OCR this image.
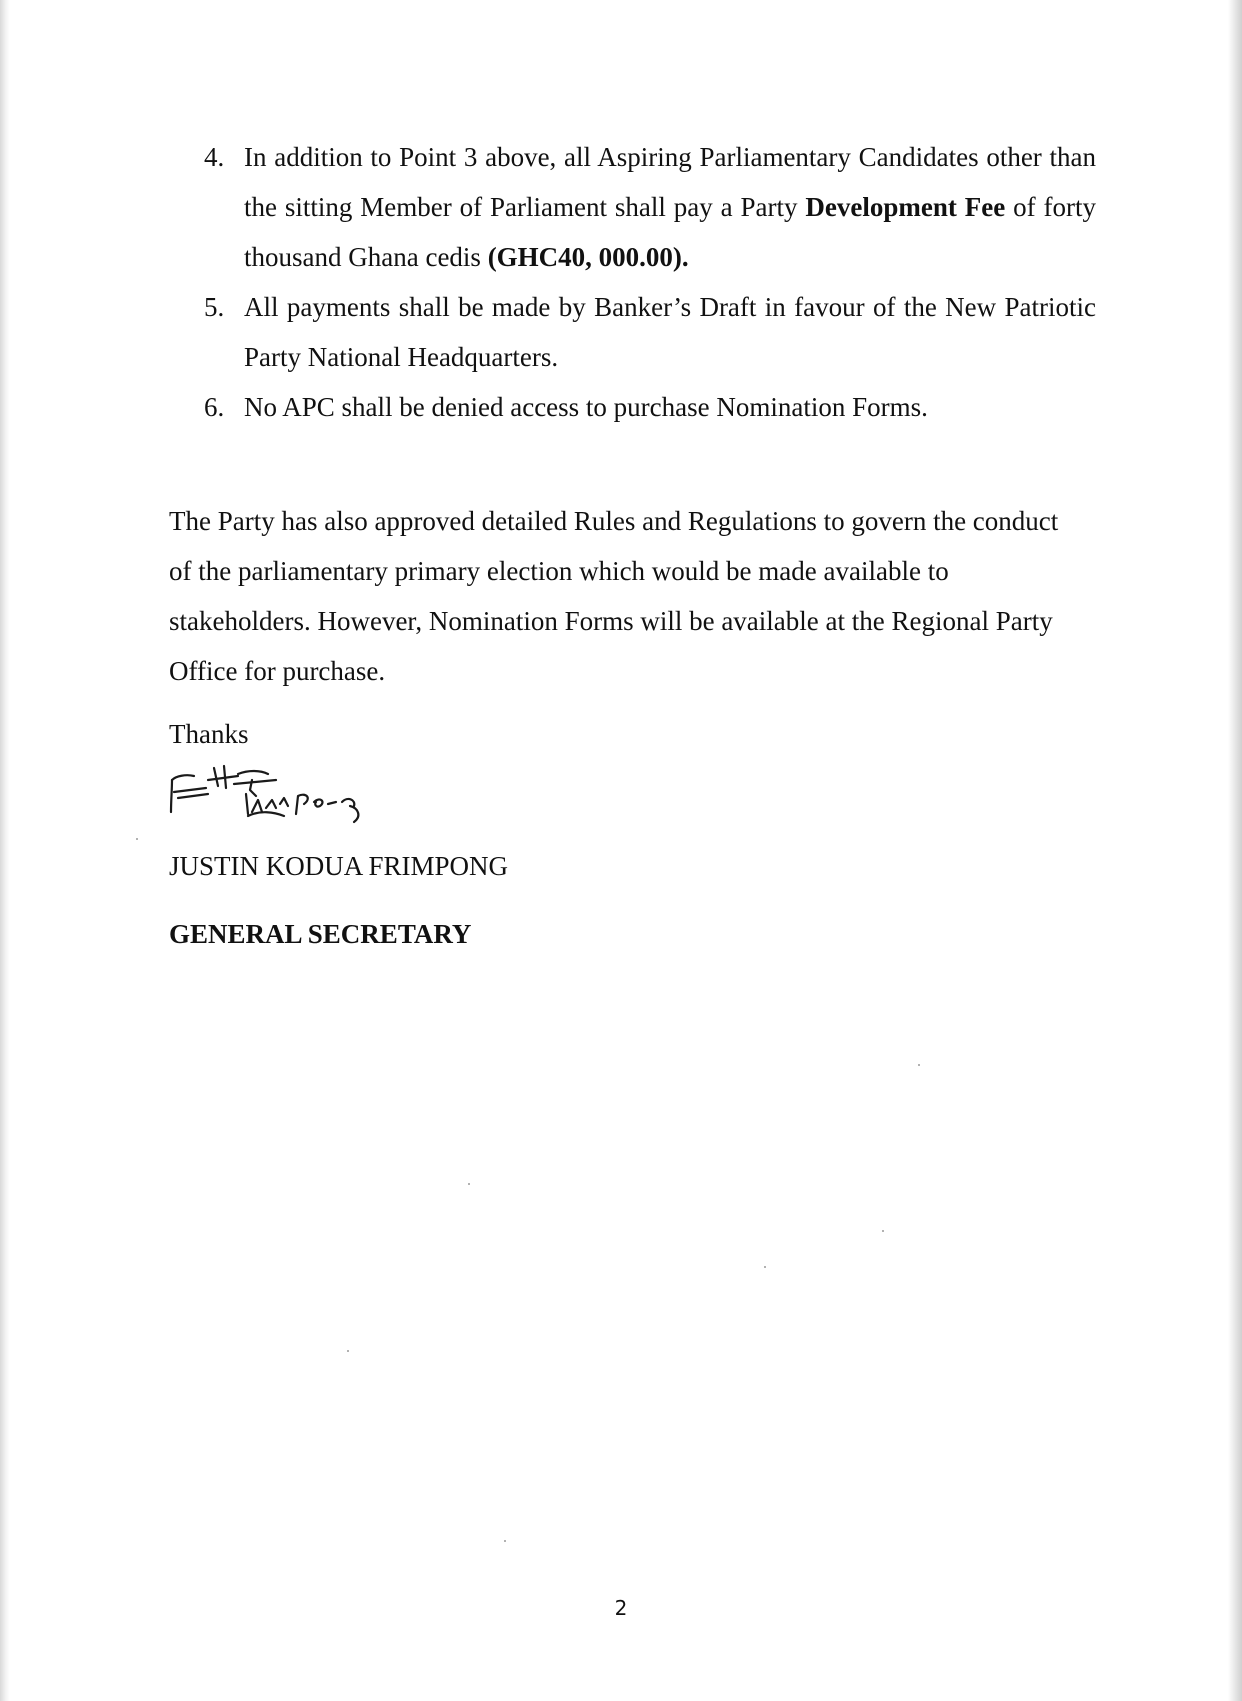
4. In addition to Point 3 above, all Aspiring Parliamentary Candidates other than the sitting Member of Parliament shall pay a Party Development Fee of forty thousand Ghana cedis (GHC40, 000.00).
5. All payments shall be made by Banker’s Draft in favour of the New Patriotic Party National Headquarters.
6. No APC shall be denied access to purchase Nomination Forms.

The Party has also approved detailed Rules and Regulations to govern the conduct of the parliamentary primary election which would be made available to stakeholders. However, Nomination Forms will be available at the Regional Party Office for purchase.

Thanks

JUSTIN KODUA FRIMPONG

GENERAL SECRETARY

2
